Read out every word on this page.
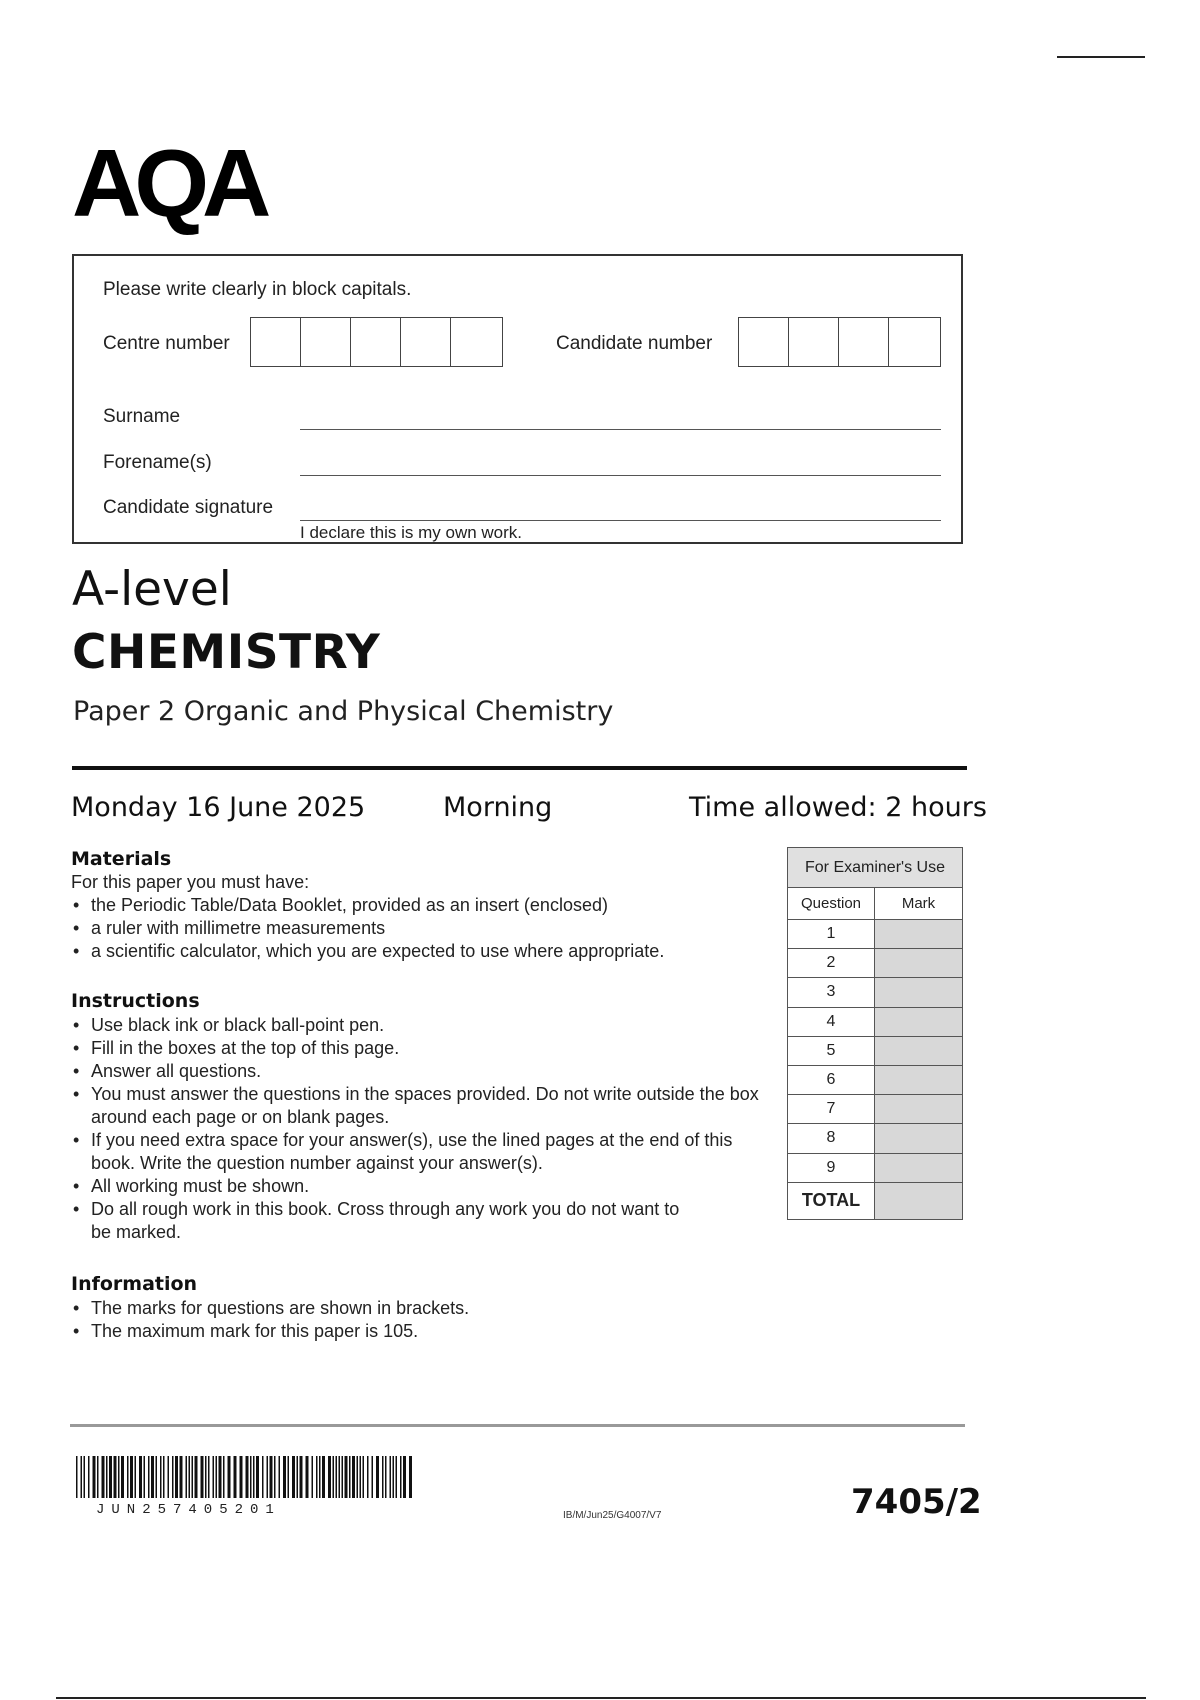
AQA
Please write clearly in block capitals.
Centre number	Candidate number
Surname
Forename(s)
Candidate signature
I declare this is my own work.
A-level
CHEMISTRY
Paper 2 Organic and Physical Chemistry
Monday 16 June 2025	Morning	Time allowed: 2 hours
Materials
For this paper you must have:
• the Periodic Table/Data Booklet, provided as an insert (enclosed)
• a ruler with millimetre measurements
• a scientific calculator, which you are expected to use where appropriate.
Instructions
• Use black ink or black ball-point pen.
• Fill in the boxes at the top of this page.
• Answer all questions.
• You must answer the questions in the spaces provided. Do not write outside the box around each page or on blank pages.
• If you need extra space for your answer(s), use the lined pages at the end of this book. Write the question number against your answer(s).
• All working must be shown.
• Do all rough work in this book. Cross through any work you do not want to be marked.
Information
• The marks for questions are shown in brackets.
• The maximum mark for this paper is 105.
For Examiner's Use	
Question	Mark
1	
2	
3	
4	
5	
6	
7	
8	
9	
TOTAL	
JUN257405201	IB/M/Jun25/G4007/V7	7405/2
